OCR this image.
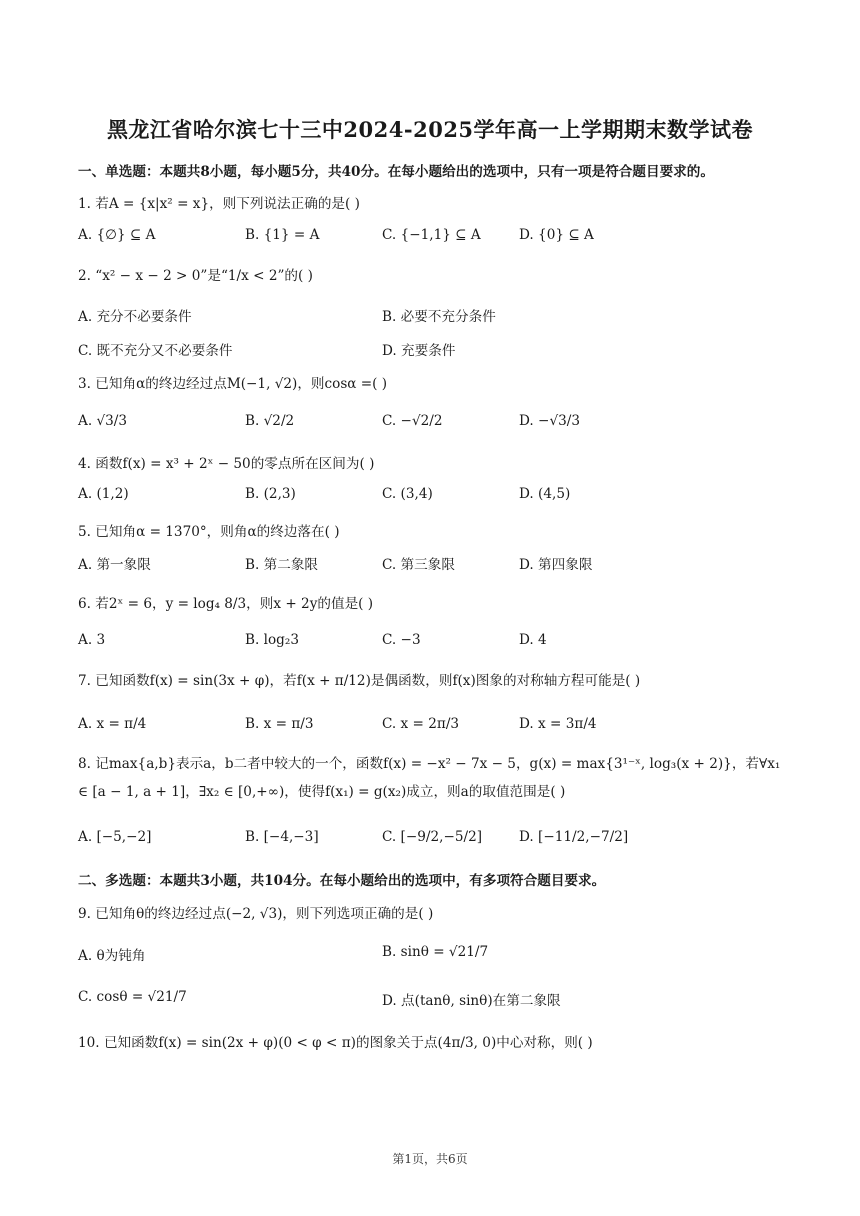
黑龙江省哈尔滨七十三中2024-2025学年高一上学期期末数学试卷
一、单选题：本题共8小题，每小题5分，共40分。在每小题给出的选项中，只有一项是符合题目要求的。
1. 若A = {x|x² = x}，则下列说法正确的是( )
A. {∅} ⊆ A	B. {1} = A	C. {−1,1} ⊆ A	D. {0} ⊆ A
2. “x² − x − 2 > 0”是“1/x < 2”的( )
A. 充分不必要条件	B. 必要不充分条件
C. 既不充分又不必要条件	D. 充要条件
3. 已知角α的终边经过点M(−1, √2)，则cosα =( )
A. √3/3	B. √2/2	C. −√2/2	D. −√3/3
4. 函数f(x) = x³ + 2ˣ − 50的零点所在区间为( )
A. (1,2)	B. (2,3)	C. (3,4)	D. (4,5)
5. 已知角α = 1370°，则角α的终边落在( )
A. 第一象限	B. 第二象限	C. 第三象限	D. 第四象限
6. 若2ˣ = 6，y = log₄ 8/3，则x + 2y的值是( )
A. 3	B. log₂3	C. −3	D. 4
7. 已知函数f(x) = sin(3x + φ)，若f(x + π/12)是偶函数，则f(x)图象的对称轴方程可能是( )
A. x = π/4	B. x = π/3	C. x = 2π/3	D. x = 3π/4
8. 记max{a,b}表示a，b二者中较大的一个，函数f(x) = −x² − 7x − 5，g(x) = max{3¹⁻ˣ, log₃(x + 2)}，若∀x₁ ∈ [a − 1, a + 1]，∃x₂ ∈ [0,+∞)，使得f(x₁) = g(x₂)成立，则a的取值范围是( )
A. [−5,−2]	B. [−4,−3]	C. [−9/2,−5/2]	D. [−11/2,−7/2]
二、多选题：本题共3小题，共104分。在每小题给出的选项中，有多项符合题目要求。
9. 已知角θ的终边经过点(−2, √3)，则下列选项正确的是( )
A. θ为钝角	B. sinθ = √21/7
C. cosθ = √21/7	D. 点(tanθ, sinθ)在第二象限
10. 已知函数f(x) = sin(2x + φ)(0 < φ < π)的图象关于点(4π/3, 0)中心对称，则( )
第1页，共6页
